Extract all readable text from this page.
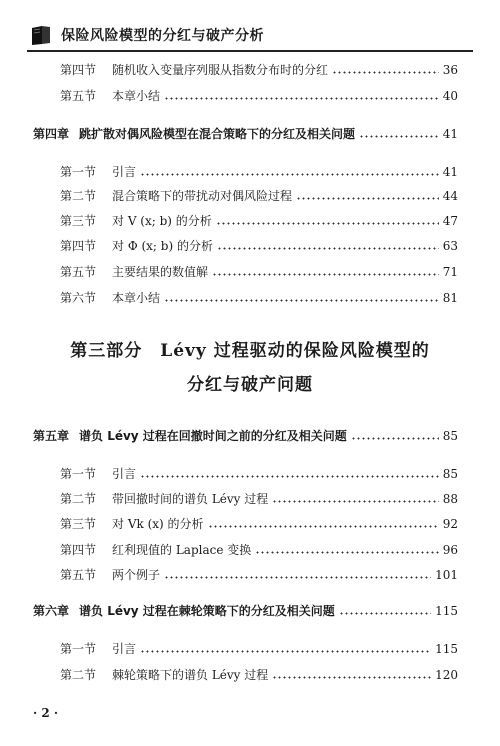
保险风险模型的分红与破产分析
第四节 随机收入变量序列服从指数分布时的分红	36
第五节 本章小结	40
第四章 跳扩散对偶风险模型在混合策略下的分红及相关问题	41
第一节 引言	41
第二节 混合策略下的带扰动对偶风险过程	44
第三节 对 V (x; b) 的分析	47
第四节 对 Φ (x; b) 的分析	63
第五节 主要结果的数值解	71
第六节 本章小结	81
第三部分　Lévy 过程驱动的保险风险模型的
分红与破产问题
第五章 谱负 Lévy 过程在回撤时间之前的分红及相关问题	85
第一节 引言	85
第二节 带回撤时间的谱负 Lévy 过程	88
第三节 对 Vk (x) 的分析	92
第四节 红利现值的 Laplace 变换	96
第五节 两个例子	101
第六章 谱负 Lévy 过程在棘轮策略下的分红及相关问题	115
第一节 引言	115
第二节 棘轮策略下的谱负 Lévy 过程	120
· 2 ·
